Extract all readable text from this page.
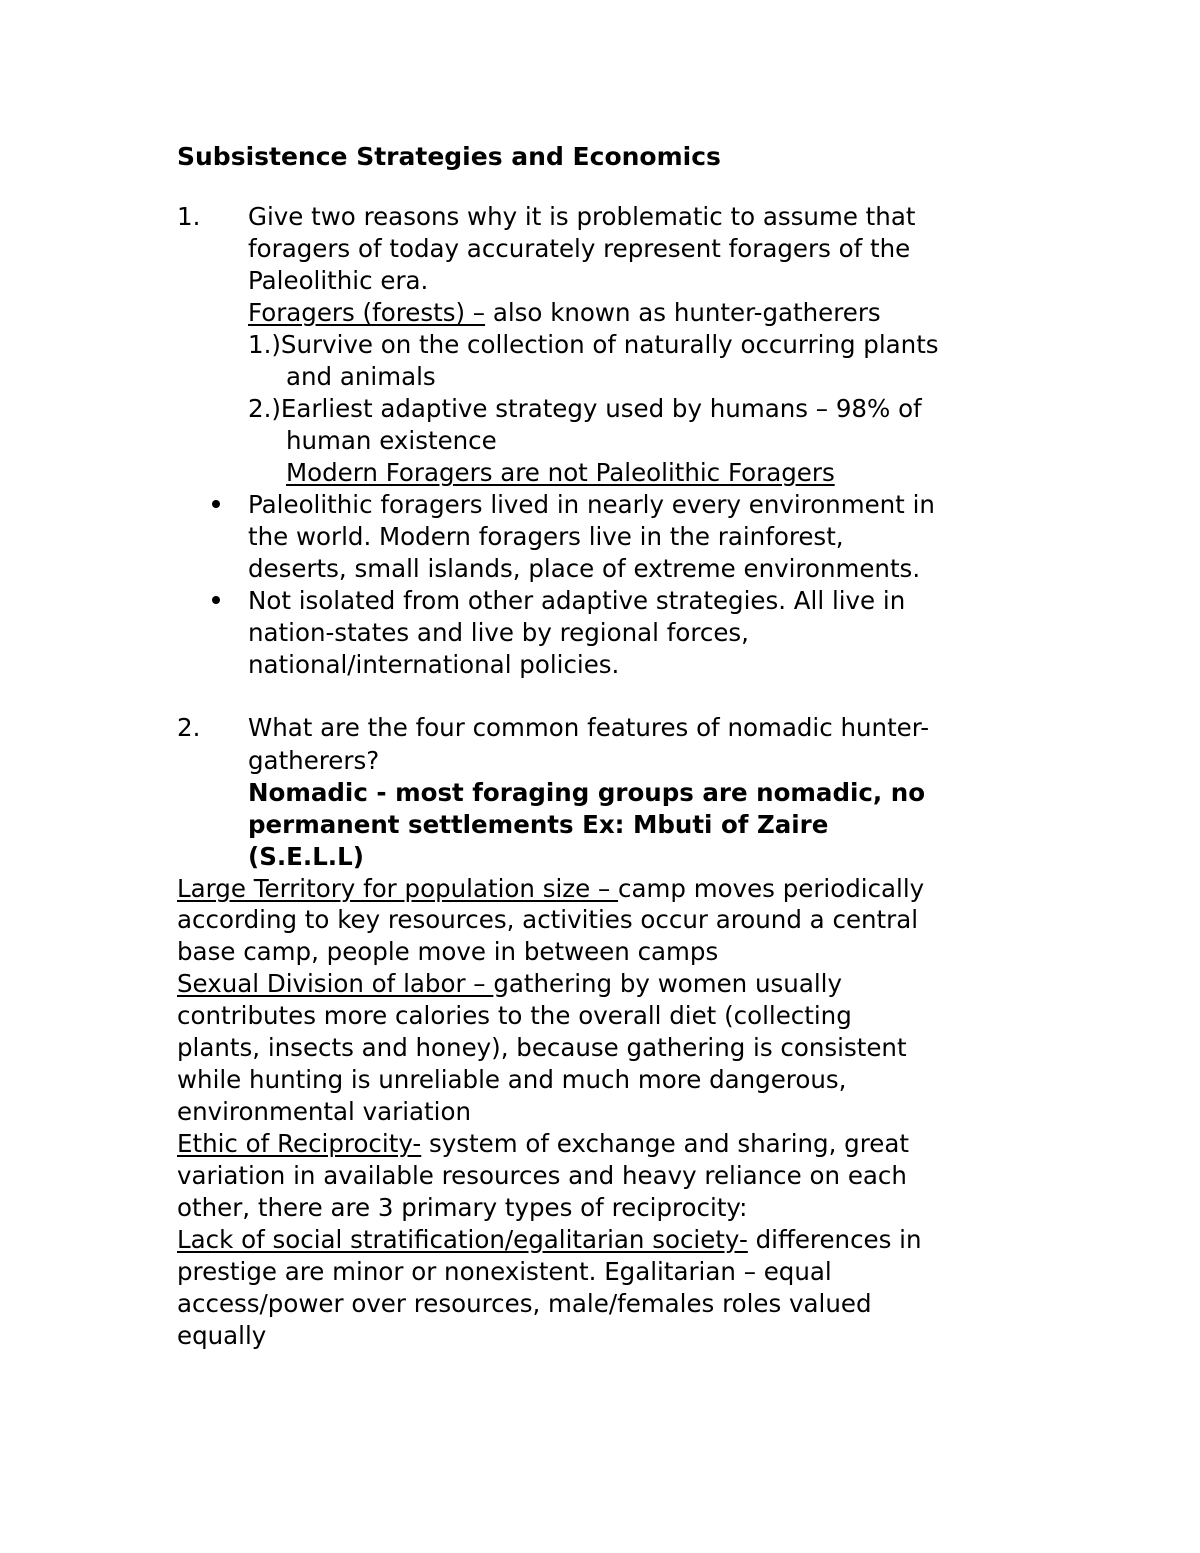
Subsistence Strategies and Economics
1. Give two reasons why it is problematic to assume that
foragers of today accurately represent foragers of the
Paleolithic era.
Foragers (forests) – also known as hunter-gatherers
1.)Survive on the collection of naturally occurring plants
and animals
2.)Earliest adaptive strategy used by humans – 98% of
human existence
Modern Foragers are not Paleolithic Foragers
Paleolithic foragers lived in nearly every environment in
the world. Modern foragers live in the rainforest,
deserts, small islands, place of extreme environments.
Not isolated from other adaptive strategies. All live in
nation-states and live by regional forces,
national/international policies.
2. What are the four common features of nomadic hunter-
gatherers?
Nomadic - most foraging groups are nomadic, no
permanent settlements Ex: Mbuti of Zaire
(S.E.L.L)
Large Territory for population size – camp moves periodically
according to key resources, activities occur around a central
base camp, people move in between camps
Sexual Division of labor – gathering by women usually
contributes more calories to the overall diet (collecting
plants, insects and honey), because gathering is consistent
while hunting is unreliable and much more dangerous,
environmental variation
Ethic of Reciprocity- system of exchange and sharing, great
variation in available resources and heavy reliance on each
other, there are 3 primary types of reciprocity:
Lack of social stratification/egalitarian society- differences in
prestige are minor or nonexistent. Egalitarian – equal
access/power over resources, male/females roles valued
equally
